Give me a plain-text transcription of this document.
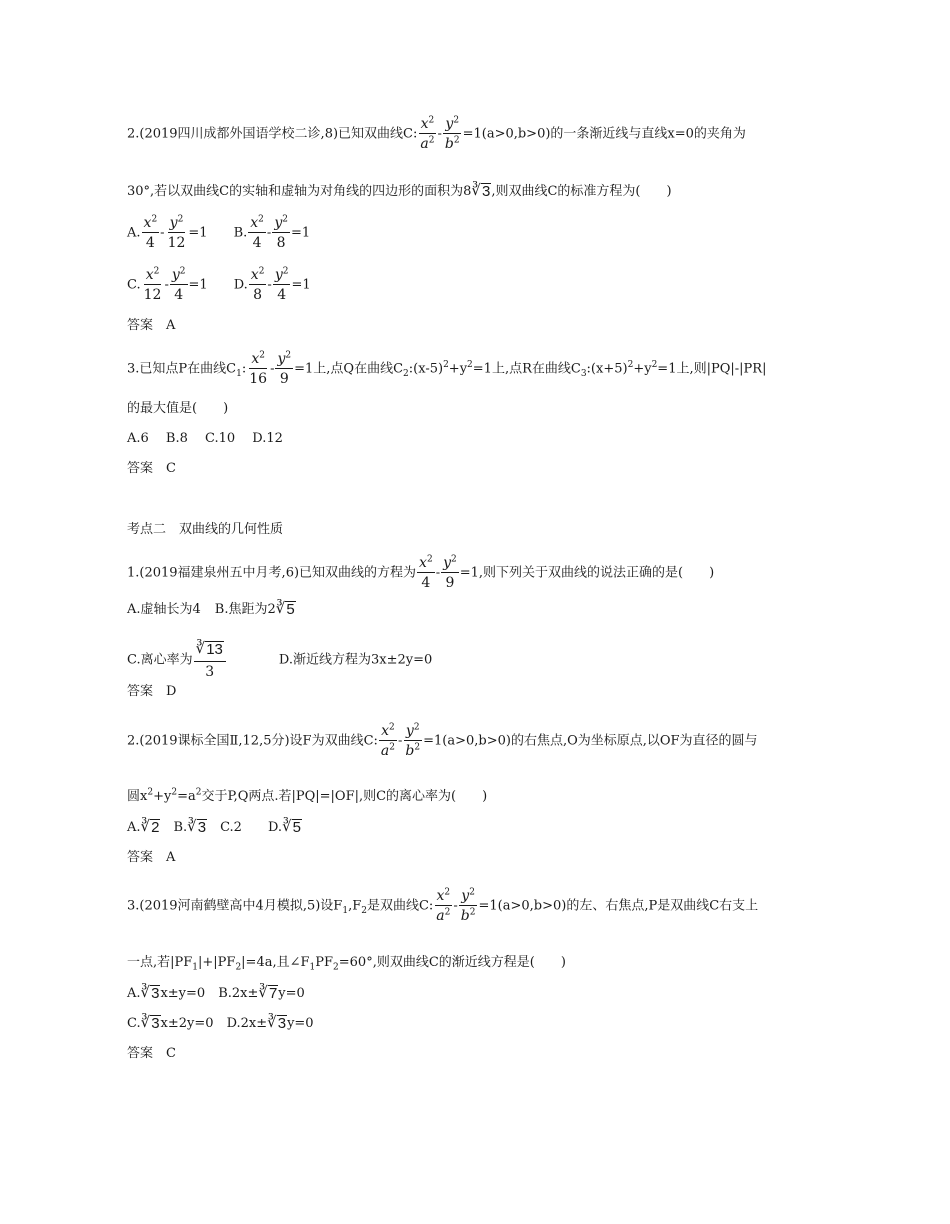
2.(2019四川成都外国语学校二诊,8)已知双曲线C: $\frac{x^2}{a^2} - \frac{y^2}{b^2} =1(a>0,b>0)$的一条渐近线与直线x=0的夹角为
30°,若以双曲线C的实轴和虚轴为对角线的四边形的面积为8 ∛ 3 ,则双曲线C的标准方程为(　　)
A. $\frac{x^2}{4} - \frac{y^2}{12} =1$ B. $\frac{x^2}{4} - \frac{y^2}{8} =1$
C. $\frac{x^2}{12} - \frac{y^2}{4} =1$ D. $\frac{x^2}{8} - \frac{y^2}{4} =1$
答案　A
3.已知点P在曲线$C_1$: $\frac{x^2}{16} - \frac{y^2}{9} =1$上,点Q在曲线$C_2:(x-5)^2+y^2=1$上,点R在曲线$C_3:(x+5)^2+y^2=1$上,则|PQ|-|PR|
的最大值是(　　)
A.6　 B.8　 C.10　 D.12
答案　C
考点二　双曲线的几何性质
1.(2019福建泉州五中月考,6)已知双曲线的方程为 $\frac{x^2}{4} - \frac{y^2}{9} =1$,则下列关于双曲线的说法正确的是(　　)
A.虚轴长为4 B.焦距为2 ∛ 5
C.离心率为 $\frac{∛ 13}{3}$	D.渐近线方程为3x±2y=0
答案　D
2.(2019课标全国Ⅱ,12,5分)设F为双曲线C: $\frac{x^2}{a^2} - \frac{y^2}{b^2} =1(a>0,b>0)$的右焦点,O为坐标原点,以OF为直径的圆与
圆$x^2+y^2=a^2$交于P,Q两点.若|PQ|=|OF|,则C的离心率为(　　)
A. ∛ 2
　 B. ∛ 3
　 C.2　　 D. ∛ 5
答案　A
3.(2019河南鹤壁高中4月模拟,5)设$F_1,F_2$是双曲线C: $\frac{x^2}{a^2} - \frac{y^2}{b^2} =1(a>0,b>0)$的左、右焦点,P是双曲线C右支上
一点,若$|PF_1|+|PF_2|=4a$,且$\angle F_1PF_2=60^\circ$,则双曲线C的渐近线方程是(　　)
A. ∛ 3 x±y=0　 B.2x± ∛ 7 y=0
C. ∛ 3 x±2y=0　 D.2x± ∛ 3 y=0
答案　C
